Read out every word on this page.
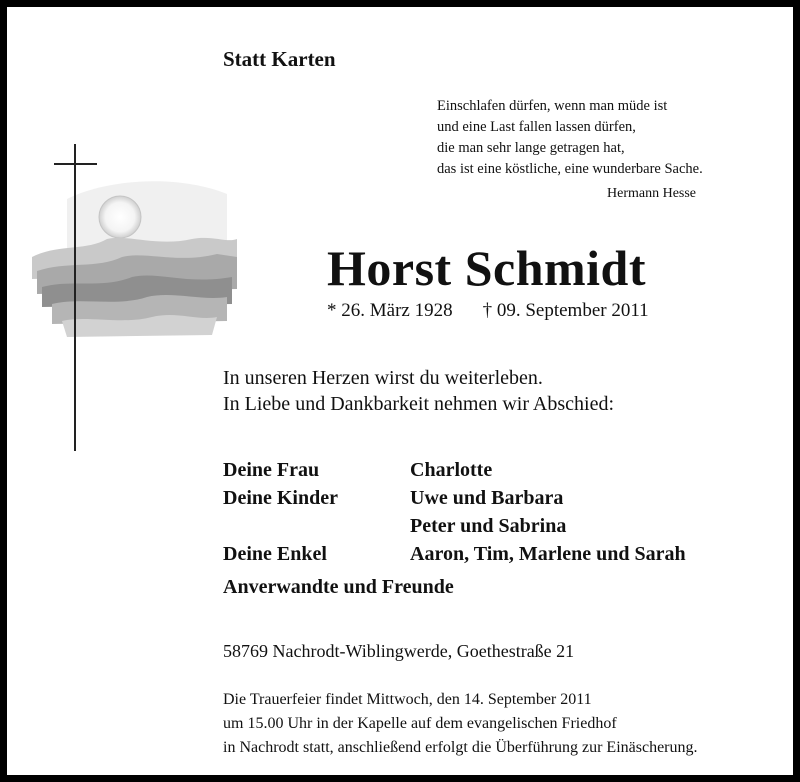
Statt Karten
Einschlafen dürfen, wenn man müde ist
und eine Last fallen lassen dürfen,
die man sehr lange getragen hat,
das ist eine köstliche, eine wunderbare Sache.
Hermann Hesse
Horst Schmidt
* 26. März 1928 † 09. September 2011
In unseren Herzen wirst du weiterleben.
In Liebe und Dankbarkeit nehmen wir Abschied:
Deine Frau	Charlotte
Deine Kinder	Uwe und Barbara
Peter und Sabrina
Deine Enkel	Aaron, Tim, Marlene und Sarah
Anverwandte und Freunde
58769 Nachrodt-Wiblingwerde, Goethestraße 21
Die Trauerfeier findet Mittwoch, den 14. September 2011
um 15.00 Uhr in der Kapelle auf dem evangelischen Friedhof
in Nachrodt statt, anschließend erfolgt die Überführung zur Einäscherung.
